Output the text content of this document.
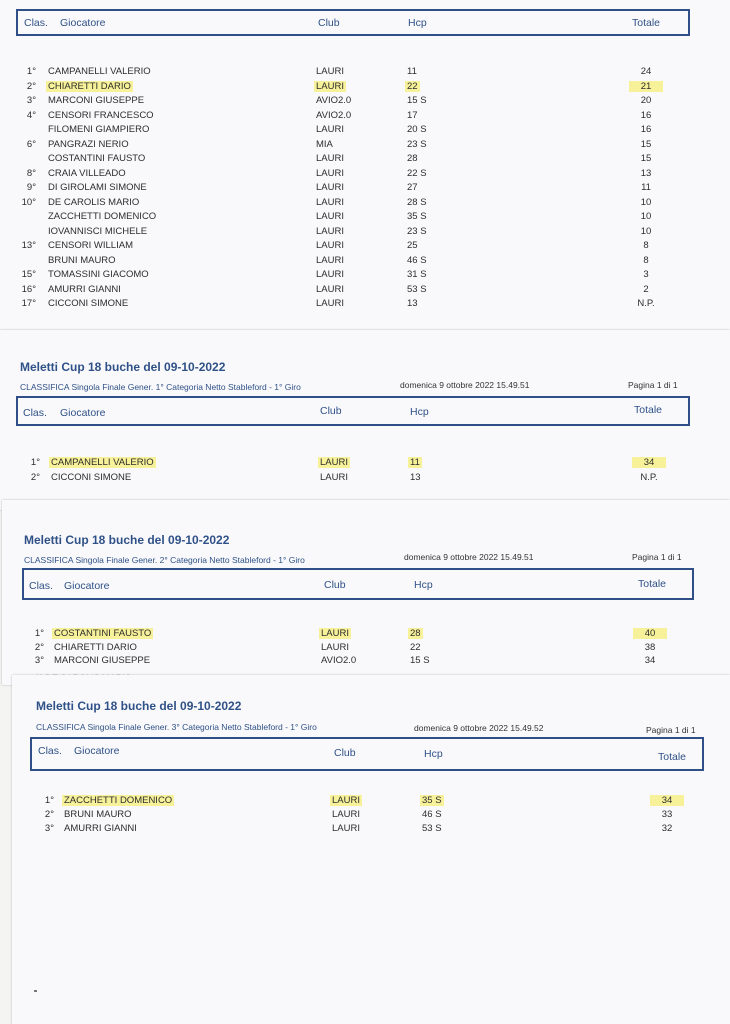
Clas. Giocatore	Club	Hcp	Totale
1° CAMPANELLI VALERIO	LAURI	11	24
2° CHIARETTI DARIO	LAURI	22	21
3° MARCONI GIUSEPPE	AVIO2.0	15 S	20
4° CENSORI FRANCESCO	AVIO2.0	17	16
FILOMENI GIAMPIERO	LAURI	20 S	16
6° PANGRAZI NERIO	MIA	23 S	15
COSTANTINI FAUSTO	LAURI	28	15
8° CRAIA VILLEADO	LAURI	22 S	13
9° DI GIROLAMI SIMONE	LAURI	27	11
10° DE CAROLIS MARIO	LAURI	28 S	10
ZACCHETTI DOMENICO	LAURI	35 S	10
IOVANNISCI MICHELE	LAURI	23 S	10
13° CENSORI WILLIAM	LAURI	25	8
BRUNI MAURO	LAURI	46 S	8
15° TOMASSINI GIACOMO	LAURI	31 S	3
16° AMURRI GIANNI	LAURI	53 S	2
17° CICCONI SIMONE	LAURI	13	N.P.
Meletti Cup 18 buche del 09-10-2022
CLASSIFICA Singola Finale Gener. 1° Categoria Netto Stableford - 1° Giro	domenica 9 ottobre 2022 15.49.51	Pagina 1 di 1
Clas. Giocatore	Club	Hcp	Totale
1° CAMPANELLI VALERIO	LAURI	11	34
2° CICCONI SIMONE	LAURI	13	N.P.
Meletti Cup 18 buche del 09-10-2022
CLASSIFICA Singola Finale Gener. 2° Categoria Netto Stableford - 1° Giro	domenica 9 ottobre 2022 15.49.51	Pagina 1 di 1
Clas. Giocatore	Club	Hcp	Totale
1° COSTANTINI FAUSTO	LAURI	28	40
2° CHIARETTI DARIO	LAURI	22	38
3° MARCONI GIUSEPPE	AVIO2.0	15 S	34
Meletti Cup 18 buche del 09-10-2022
CLASSIFICA Singola Finale Gener. 3° Categoria Netto Stableford - 1° Giro	domenica 9 ottobre 2022 15.49.52	Pagina 1 di 1
Clas. Giocatore	Club	Hcp	Totale
1° ZACCHETTI DOMENICO	LAURI	35 S	34
2° BRUNI MAURO	LAURI	46 S	33
3° AMURRI GIANNI	LAURI	53 S	32
